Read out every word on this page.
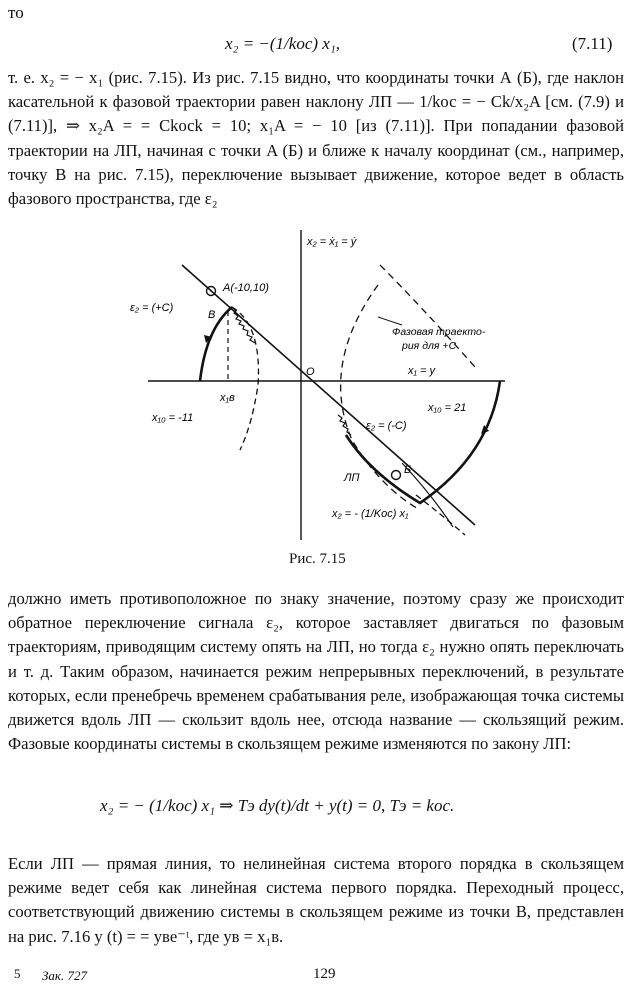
то
x₂ = −(1/kос) x₁,	(7.11)
т. е. x₂ = − x₁ (рис. 7.15). Из рис. 7.15 видно, что координаты точки А (Б), где наклон касательной к фазовой траектории равен наклону ЛП — 1/kос = − Ck/x₂A [см. (7.9) и (7.11)], ⇒ x₂A = = Ckосk = 10; x₁A = − 10 [из (7.11)]. При попадании фазовой траектории на ЛП, начиная с точки A (Б) и ближе к началу координат (см., например, точку B на рис. 7.15), переключение вызывает движение, которое ведет в область фазового пространства, где ε₂
x₂ = ẋ₁ = ẏ
x₁ = y
O
A(-10,10)
B
Б
ε₂ = (+C)
ε₂ = (-C)
Фазовая траекто-
рия для +C
x₁в
x₁₀ = -11
x₁₀ = 21
ЛП
x₂ = - (1/Kос) x₁
Рис. 7.15
должно иметь противоположное по знаку значение, поэтому сразу же происходит обратное переключение сигнала ε₂, которое заставляет двигаться по фазовым траекториям, приводящим систему опять на ЛП, но тогда ε₂ нужно опять переключать и т. д. Таким образом, начинается режим непрерывных переключений, в результате которых, если пренебречь временем срабатывания реле, изображающая точка системы движется вдоль ЛП — скользит вдоль нее, отсюда название — скользящий режим. Фазовые координаты системы в скользящем режиме изменяются по закону ЛП:
x₂ = − (1/kос) x₁ ⇒ Tэ dy(t)/dt + y(t) = 0, Tэ = kос.
Если ЛП — прямая линия, то нелинейная система второго порядка в скользящем режиме ведет себя как линейная система первого порядка. Переходный процесс, соответствующий движению системы в скользящем режиме из точки B, представлен на рис. 7.16 y (t) = = yвe⁻ᵗ, где yв = x₁в.
5 Зак. 727	129
